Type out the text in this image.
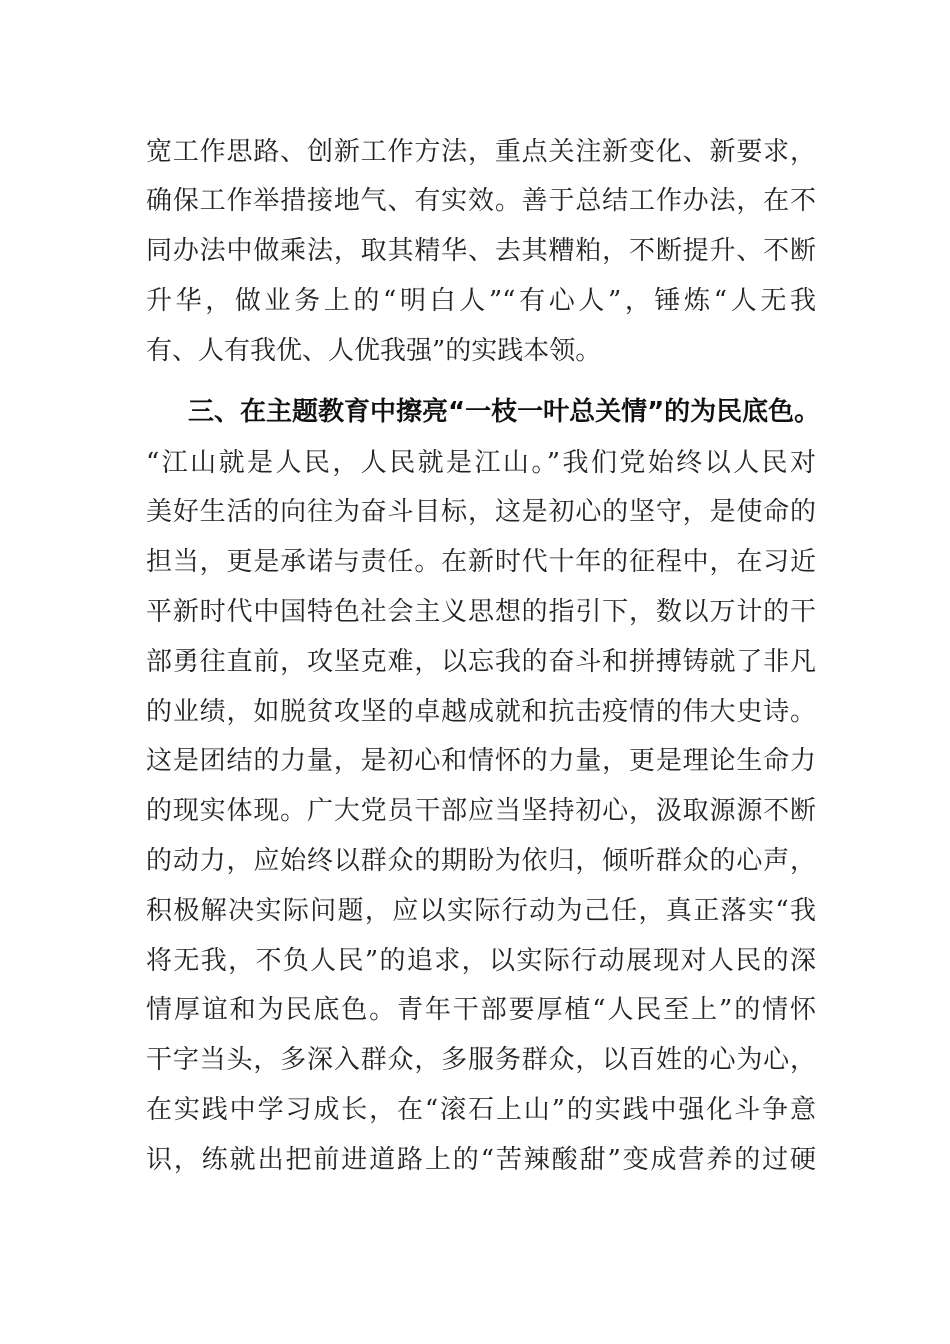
宽工作思路、创新工作方法，重点关注新变化、新要求，
确保工作举措接地气、有实效。善于总结工作办法，在不
同办法中做乘法，取其精华、去其糟粕，不断提升、不断
升华，做业务上的“明白人”“有心人”，锤炼“人无我
有、人有我优、人优我强”的实践本领。
三、在主题教育中擦亮“一枝一叶总关情”的为民底色。
“江山就是人民，人民就是江山。”我们党始终以人民对
美好生活的向往为奋斗目标，这是初心的坚守，是使命的
担当，更是承诺与责任。在新时代十年的征程中，在习近
平新时代中国特色社会主义思想的指引下，数以万计的干
部勇往直前，攻坚克难，以忘我的奋斗和拼搏铸就了非凡
的业绩，如脱贫攻坚的卓越成就和抗击疫情的伟大史诗。
这是团结的力量，是初心和情怀的力量，更是理论生命力
的现实体现。广大党员干部应当坚持初心，汲取源源不断
的动力，应始终以群众的期盼为依归，倾听群众的心声，
积极解决实际问题，应以实际行动为己任，真正落实“我
将无我，不负人民”的追求，以实际行动展现对人民的深
情厚谊和为民底色。青年干部要厚植“人民至上”的情怀
干字当头，多深入群众，多服务群众，以百姓的心为心，
在实践中学习成长，在“滚石上山”的实践中强化斗争意
识，练就出把前进道路上的“苦辣酸甜”变成营养的过硬
